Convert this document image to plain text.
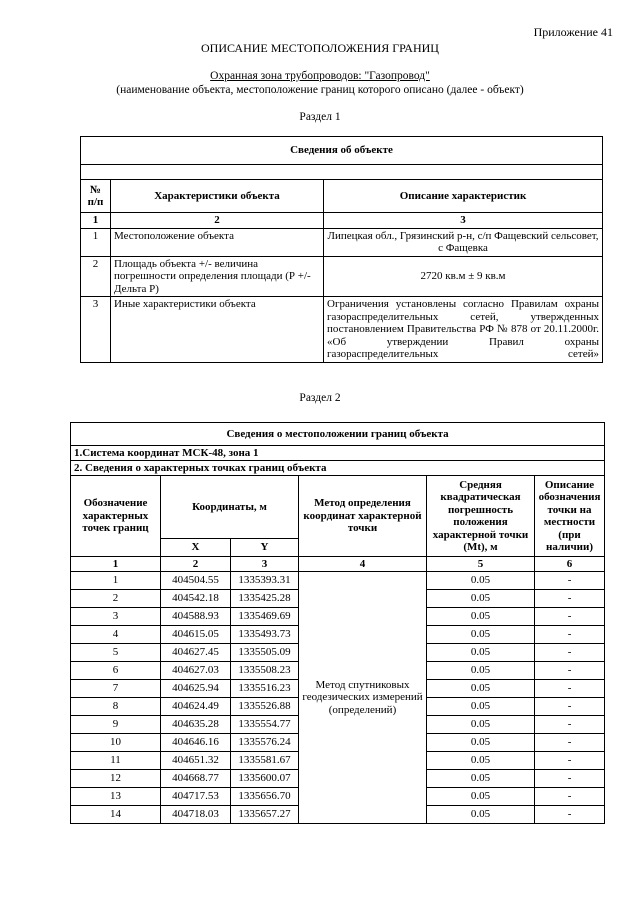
Приложение 41
ОПИСАНИЕ МЕСТОПОЛОЖЕНИЯ ГРАНИЦ
Охранная зона трубопроводов: "Газопровод"
(наименование объекта, местоположение границ которого описано (далее - объект)
Раздел 1
Сведения об объекте		

№ п/п	Характеристики объекта	Описание характеристик
1	2	3
1	Местоположение объекта	Липецкая обл., Грязинский р-н, с/п Фащевский сельсовет, с Фащевка
2	Площадь объекта +/- величина погрешности определения площади (Р +/- Дельта Р)	2720 кв.м ± 9 кв.м
3	Иные характеристики объекта	Ограничения установлены согласно Правилам охраны газораспределительных сетей, утвержденных постановлением Правительства РФ № 878 от 20.11.2000г. «Об утверждении Правил охраны газораспределительных сетей»
Раздел 2
Сведения о местоположении границ объекта					
1.Система координат МСК-48, зона 1					
2. Сведения о характерных точках границ объекта					
Обозначение характерных точек границ	Координаты, м		Метод определения координат характерной точки	Средняя квадратическая погрешность положения характерной точки (Mt), м	Описание обозначения точки на местности (при наличии)
	X	Y			
1	2	3	4	5	6
1	404504.55	1335393.31	Метод спутниковых геодезических измерений (определений)	0.05	-
2	404542.18	1335425.28		0.05	-
3	404588.93	1335469.69		0.05	-
4	404615.05	1335493.73		0.05	-
5	404627.45	1335505.09		0.05	-
6	404627.03	1335508.23		0.05	-
7	404625.94	1335516.23		0.05	-
8	404624.49	1335526.88		0.05	-
9	404635.28	1335554.77		0.05	-
10	404646.16	1335576.24		0.05	-
11	404651.32	1335581.67		0.05	-
12	404668.77	1335600.07		0.05	-
13	404717.53	1335656.70		0.05	-
14	404718.03	1335657.27		0.05	-
